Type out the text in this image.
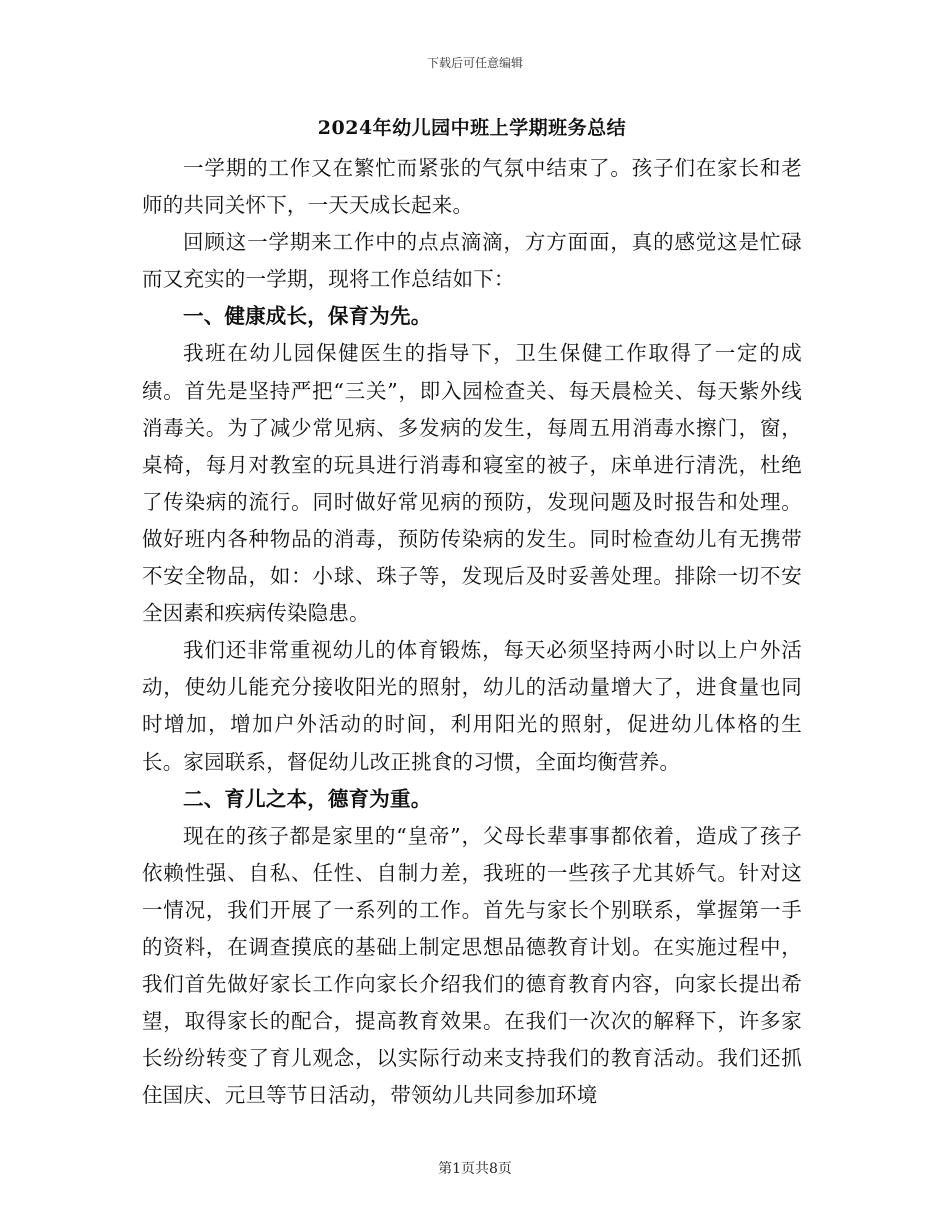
下载后可任意编辑
2024年幼儿园中班上学期班务总结

一学期的工作又在繁忙而紧张的气氛中结束了。孩子们在家长和老师的共同关怀下，一天天成长起来。

回顾这一学期来工作中的点点滴滴，方方面面，真的感觉这是忙碌而又充实的一学期，现将工作总结如下：

一、健康成长，保育为先。

我班在幼儿园保健医生的指导下，卫生保健工作取得了一定的成绩。首先是坚持严把“三关”，即入园检查关、每天晨检关、每天紫外线消毒关。为了减少常见病、多发病的发生，每周五用消毒水擦门，窗，桌椅，每月对教室的玩具进行消毒和寝室的被子，床单进行清洗，杜绝了传染病的流行。同时做好常见病的预防，发现问题及时报告和处理。做好班内各种物品的消毒，预防传染病的发生。同时检查幼儿有无携带不安全物品，如：小球、珠子等，发现后及时妥善处理。排除一切不安全因素和疾病传染隐患。

我们还非常重视幼儿的体育锻炼，每天必须坚持两小时以上户外活动，使幼儿能充分接收阳光的照射，幼儿的活动量增大了，进食量也同时增加，增加户外活动的时间，利用阳光的照射，促进幼儿体格的生长。家园联系，督促幼儿改正挑食的习惯，全面均衡营养。

二、育儿之本，德育为重。

现在的孩子都是家里的“皇帝”，父母长辈事事都依着，造成了孩子依赖性强、自私、任性、自制力差，我班的一些孩子尤其娇气。针对这一情况，我们开展了一系列的工作。首先与家长个别联系，掌握第一手的资料，在调查摸底的基础上制定思想品德教育计划。在实施过程中，我们首先做好家长工作向家长介绍我们的德育教育内容，向家长提出希望，取得家长的配合，提高教育效果。在我们一次次的解释下，许多家长纷纷转变了育儿观念，以实际行动来支持我们的教育活动。我们还抓住国庆、元旦等节日活动，带领幼儿共同参加环境

第1页共8页
